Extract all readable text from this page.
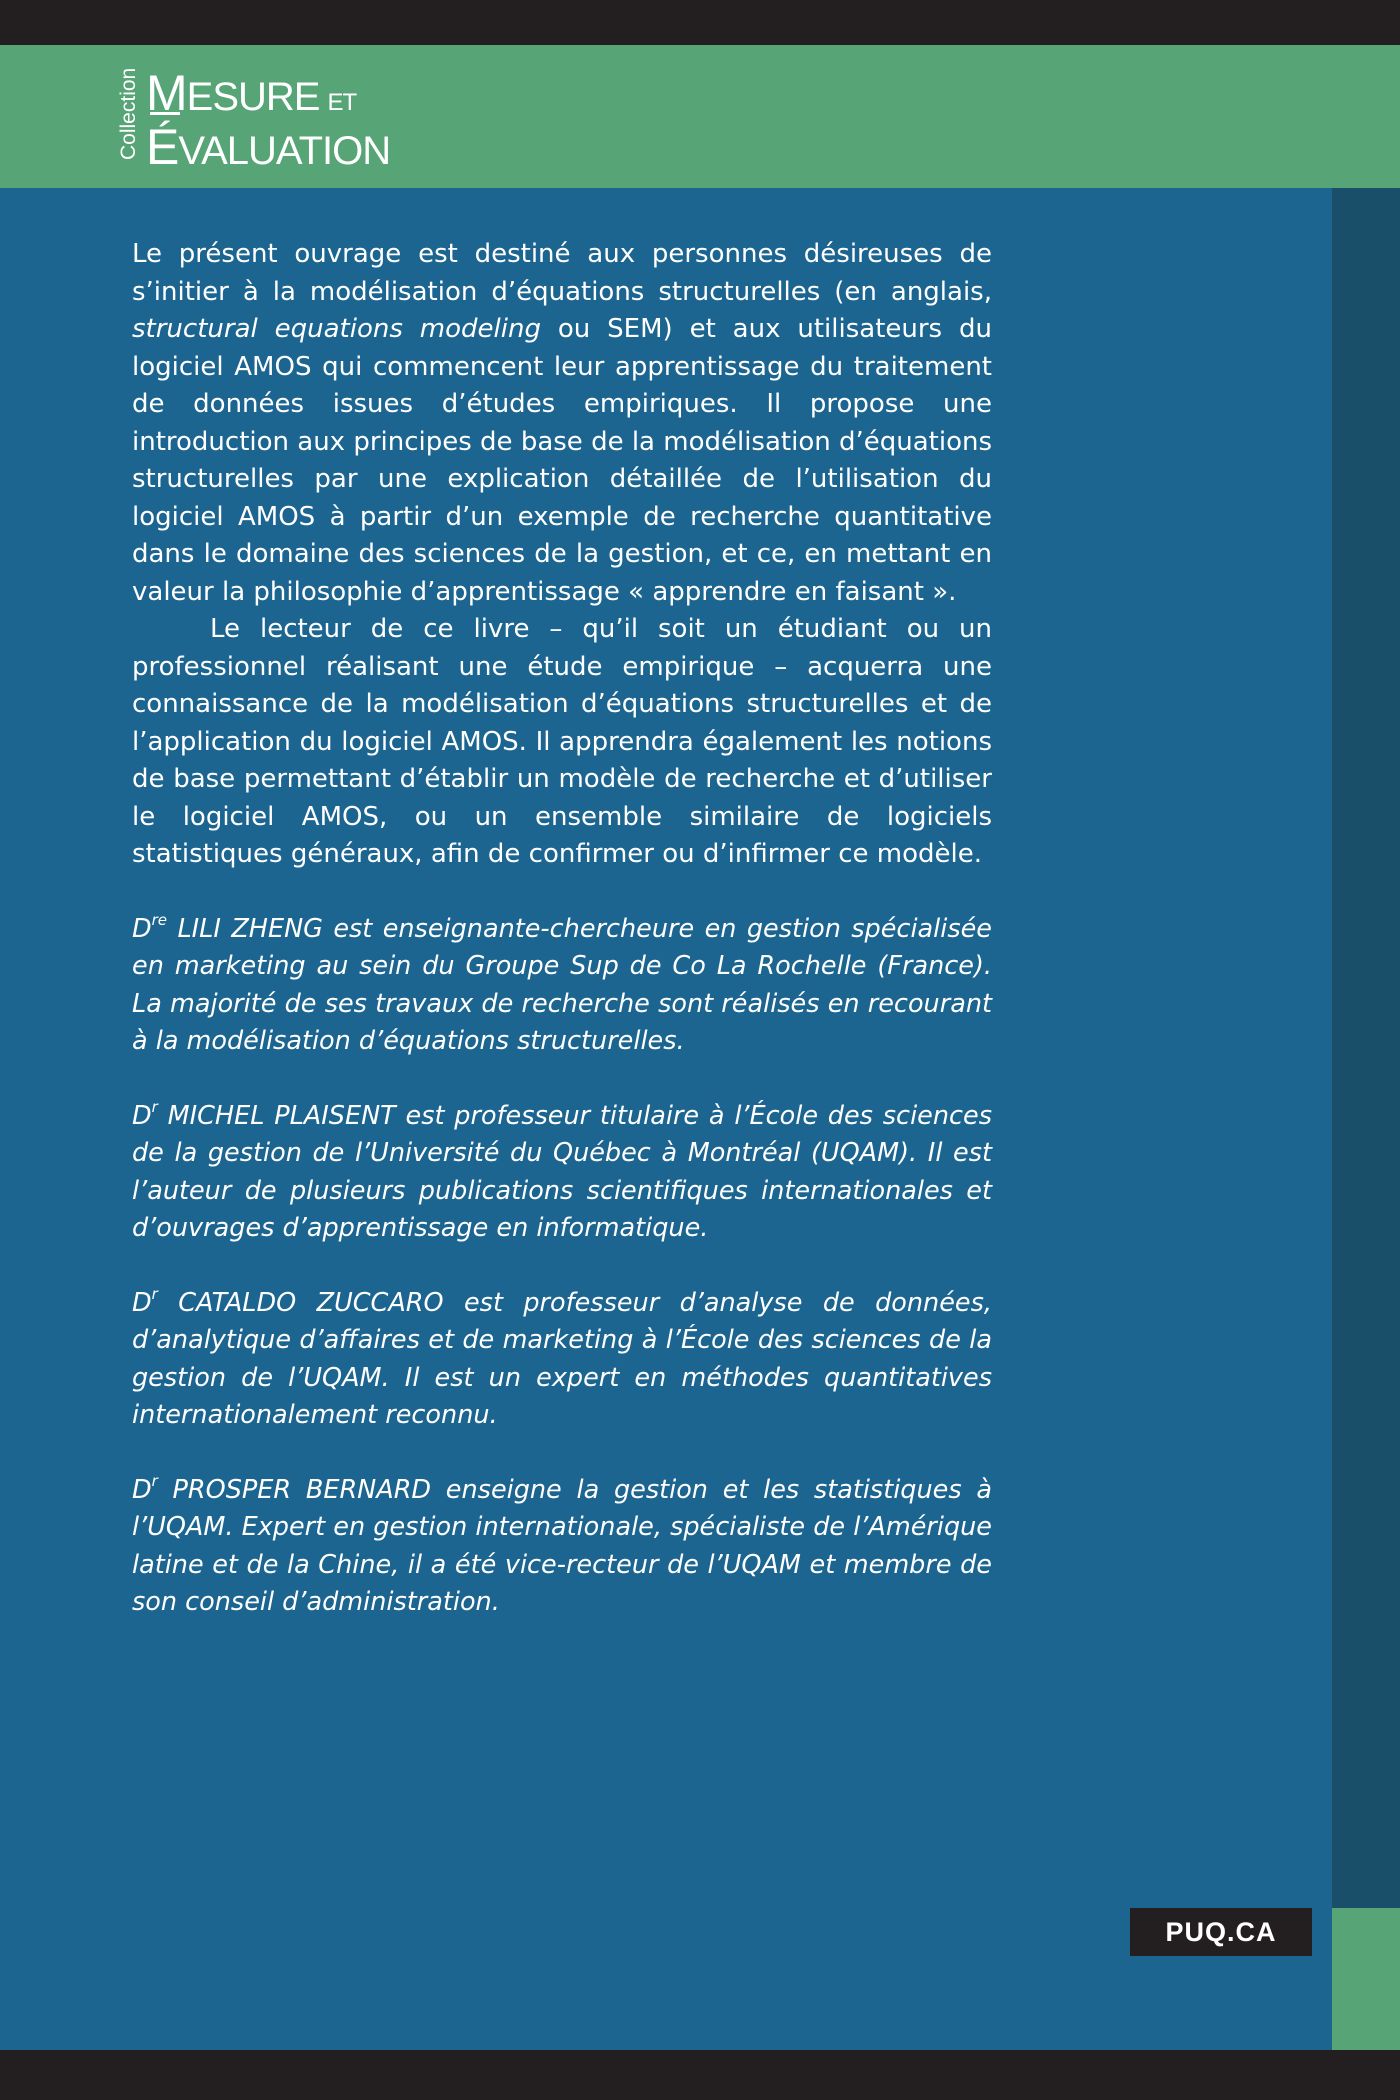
Collection MESURE ET
ÉVALUATION

Le présent ouvrage est destiné aux personnes désireuses de s’initier à la modélisation d’équations structurelles (en anglais, structural equations modeling ou SEM) et aux utilisateurs du logiciel AMOS qui commencent leur apprentissage du traitement de données issues d’études empiriques. Il propose une introduction aux principes de base de la modélisation d’équations structurelles par une explication détaillée de l’utilisation du logiciel AMOS à partir d’un exemple de recherche quantitative dans le domaine des sciences de la gestion, et ce, en mettant en valeur la philosophie d’apprentissage « apprendre en faisant ».

Le lecteur de ce livre – qu’il soit un étudiant ou un professionnel réalisant une étude empirique – acquerra une connaissance de la modélisation d’équations structurelles et de l’application du logiciel AMOS. Il apprendra également les notions de base permettant d’établir un modèle de recherche et d’utiliser le logiciel AMOS, ou un ensemble similaire de logiciels statistiques généraux, afin de confirmer ou d’infirmer ce modèle.

Dre LILI ZHENG est enseignante-chercheure en gestion spécialisée en marketing au sein du Groupe Sup de Co La Rochelle (France). La majorité de ses travaux de recherche sont réalisés en recourant à la modélisation d’équations structurelles.

$D^r$ MICHEL PLAISENT est professeur titulaire à l’École des sciences de la gestion de l’Université du Québec à Montréal (UQAM). Il est l’auteur de plusieurs publications scientifiques internationales et d’ouvrages d’apprentissage en informatique.

$D^r$ CATALDO ZUCCARO est professeur d’analyse de données, d’analytique d’affaires et de marketing à l’École des sciences de la gestion de l’UQAM. Il est un expert en méthodes quantitatives internationalement reconnu.

$D^r$ PROSPER BERNARD enseigne la gestion et les statistiques à l’UQAM. Expert en gestion internationale, spécialiste de l’Amérique latine et de la Chine, il a été vice-recteur de l’UQAM et membre de son conseil d’administration.

PUQ.CA
